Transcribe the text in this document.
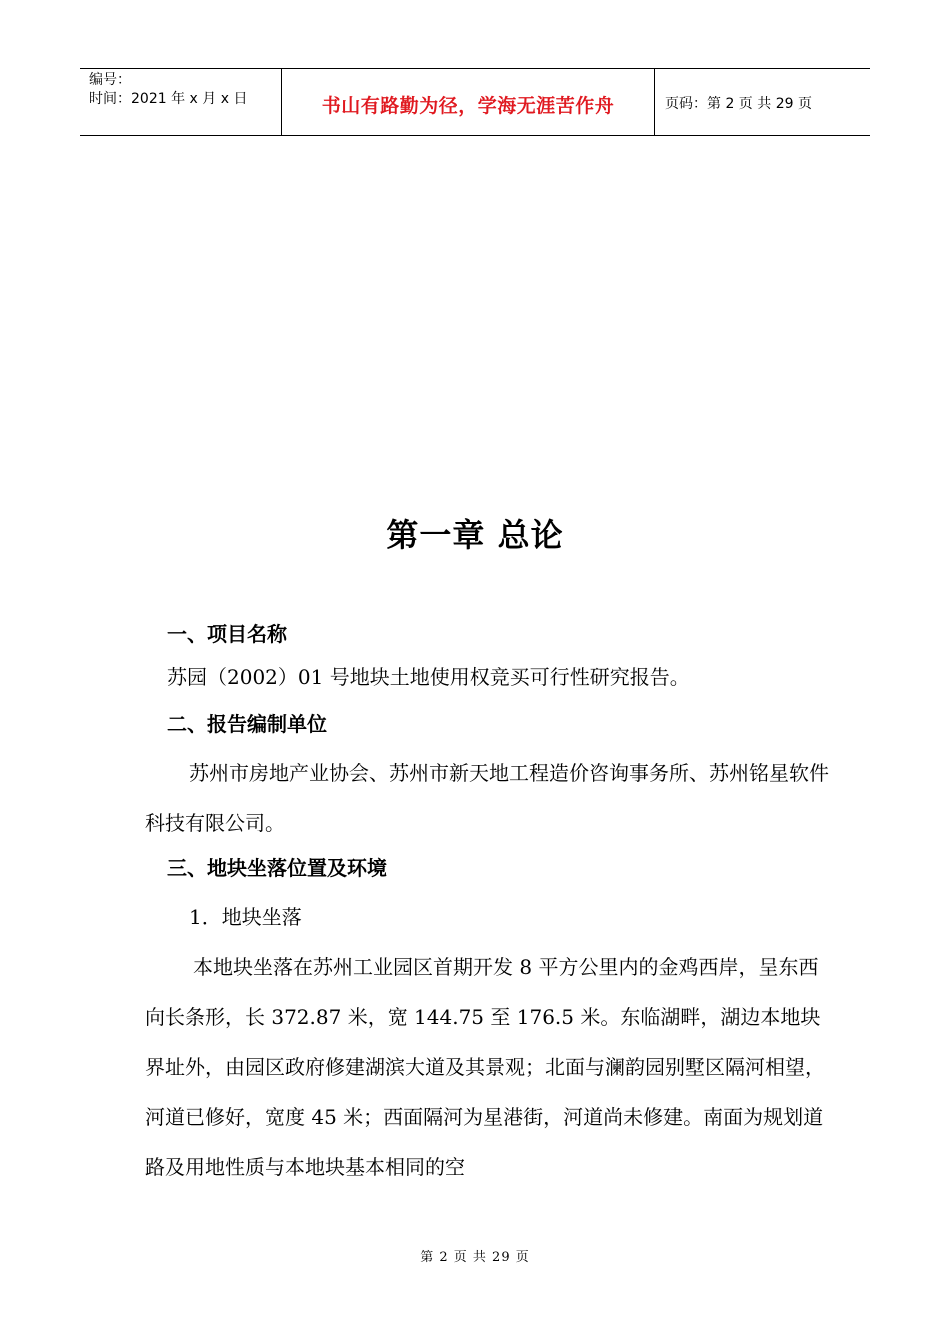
编号：
时间：2021 年 x 月 x 日	书山有路勤为径，学海无涯苦作舟	页码：第 2 页 共 29 页
第一章 总论
一、项目名称
苏园（2002）01 号地块土地使用权竞买可行性研究报告。
二、报告编制单位
苏州市房地产业协会、苏州市新天地工程造价咨询事务所、苏州铭星软件科技有限公司。
三、地块坐落位置及环境
1．地块坐落
本地块坐落在苏州工业园区首期开发 8 平方公里内的金鸡西岸，呈东西向长条形，长 372.87 米，宽 144.75 至 176.5 米。东临湖畔，湖边本地块界址外，由园区政府修建湖滨大道及其景观；北面与澜韵园别墅区隔河相望，河道已修好，宽度 45 米；西面隔河为星港街，河道尚未修建。南面为规划道路及用地性质与本地块基本相同的空
第 2 页 共 29 页
